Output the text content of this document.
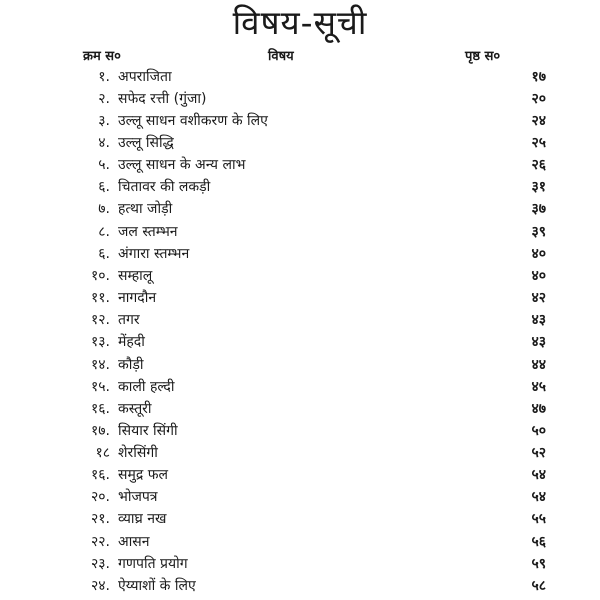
विषय-सूची
क्रम स०	विषय	पृष्ठ स०
१. अपराजिता	१७
२. सफेद रत्ती (गुंजा)	२०
३. उल्लू साधन वशीकरण के लिए	२४
४. उल्लू सिद्धि	२५
५. उल्लू साधन के अन्य लाभ	२६
६. चितावर की लकड़ी	३१
७. हत्था जोड़ी	३७
८. जल स्तम्भन	३९
६. अंगारा स्तम्भन	४०
१०. सम्हालू	४०
११. नागदौन	४२
१२. तगर	४३
१३. मेंहदी	४३
१४. कौड़ी	४४
१५. काली हल्दी	४५
१६. कस्तूरी	४७
१७. सियार सिंगी	५०
१८ शेरसिंगी	५२
१६. समुद्र फल	५४
२०. भोजपत्र	५४
२१. व्याघ्र नख	५५
२२. आसन	५६
२३. गणपति प्रयोग	५९
२४. ऐय्याशों के लिए	५८
